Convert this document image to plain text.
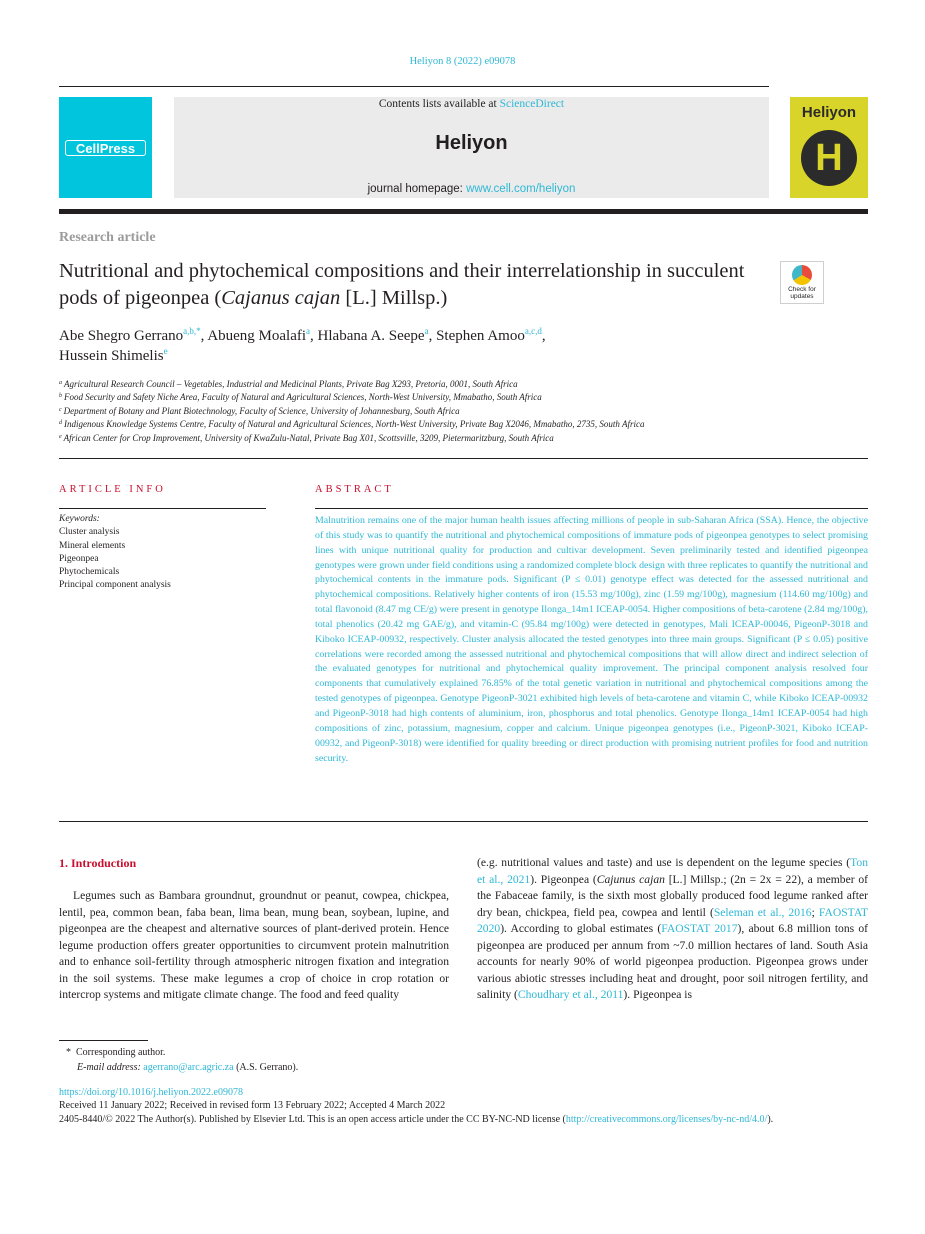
Heliyon 8 (2022) e09078
CellPress
Contents lists available at ScienceDirect
Heliyon
journal homepage: www.cell.com/heliyon
Heliyon
H
Research article
Nutritional and phytochemical compositions and their interrelationship in succulent pods of pigeonpea (Cajanus cajan [L.] Millsp.)	Check for updates
Abe Shegro Gerrano$^{a,b,*}$, Abueng Moalafi$^a$, Hlabana A. Seepe$^a$, Stephen Amoo$^{a,c,d}$,
Hussein Shimelis$^e$
$^a$ Agricultural Research Council – Vegetables, Industrial and Medicinal Plants, Private Bag X293, Pretoria, 0001, South Africa
$^b$ Food Security and Safety Niche Area, Faculty of Natural and Agricultural Sciences, North-West University, Mmabatho, South Africa
$^c$ Department of Botany and Plant Biotechnology, Faculty of Science, University of Johannesburg, South Africa
$^d$ Indigenous Knowledge Systems Centre, Faculty of Natural and Agricultural Sciences, North-West University, Private Bag X2046, Mmabatho, 2735, South Africa
$^e$ African Center for Crop Improvement, University of KwaZulu-Natal, Private Bag X01, Scottsville, 3209, Pietermaritzburg, South Africa
ARTICLE INFO	ABSTRACT
Keywords:
Cluster analysis
Mineral elements
Pigeonpea
Phytochemicals
Principal component analysis
Malnutrition remains one of the major human health issues affecting millions of people in sub-Saharan Africa (SSA). Hence, the objective of this study was to quantify the nutritional and phytochemical compositions of immature pods of pigeonpea genotypes to select promising lines with unique nutritional quality for production and cultivar development. Seven preliminarily tested and identified pigeonpea genotypes were grown under field conditions using a randomized complete block design with three replicates to quantify the nutritional and phytochemical contents in the immature pods. Significant (P ≤ 0.01) genotype effect was detected for the assessed nutritional and phytochemical compositions. Relatively higher contents of iron (15.53 mg/100g), zinc (1.59 mg/100g), magnesium (114.60 mg/100g) and total flavonoid (8.47 mg CE/g) were present in genotype Ilonga_14m1 ICEAP-0054. Higher compositions of beta-carotene (2.84 mg/100g), total phenolics (20.42 mg GAE/g), and vitamin-C (95.84 mg/100g) were detected in genotypes, Mali ICEAP-00046, PigeonP-3018 and Kiboko ICEAP-00932, respectively. Cluster analysis allocated the tested genotypes into three main groups. Significant (P ≤ 0.05) positive correlations were recorded among the assessed nutritional and phytochemical compositions that will allow direct and indirect selection of the evaluated genotypes for nutritional and phytochemical quality improvement. The principal component analysis resolved four components that cumulatively explained 76.85% of the total genetic variation in nutritional and phytochemical compositions among the tested genotypes of pigeonpea. Genotype PigeonP-3021 exhibited high levels of beta-carotene and vitamin C, while Kiboko ICEAP-00932 and PigeonP-3018 had high contents of aluminium, iron, phosphorus and total phenolics. Genotype Ilonga_14m1 ICEAP-0054 had high compositions of zinc, potassium, magnesium, copper and calcium. Unique pigeonpea genotypes (i.e., PigeonP-3021, Kiboko ICEAP-00932, and PigeonP-3018) were identified for quality breeding or direct production with promising nutrient profiles for food and nutrition security.
1. Introduction
Legumes such as Bambara groundnut, groundnut or peanut, cowpea, chickpea, lentil, pea, common bean, faba bean, lima bean, mung bean, soybean, lupine, and pigeonpea are the cheapest and alternative sources of plant-derived protein. Hence legume production offers greater opportunities to circumvent protein malnutrition and to enhance soil-fertility through atmospheric nitrogen fixation and integration in the soil systems. These make legumes a crop of choice in crop rotation or intercrop systems and mitigate climate change. The food and feed quality
(e.g. nutritional values and taste) and use is dependent on the legume species (Ton et al., 2021). Pigeonpea (Cajunus cajan [L.] Millsp.; (2n = 2x = 22), a member of the Fabaceae family, is the sixth most globally produced food legume ranked after dry bean, chickpea, field pea, cowpea and lentil (Seleman et al., 2016; FAOSTAT 2020). According to global estimates (FAOSTAT 2017), about 6.8 million tons of pigeonpea are produced per annum from ~7.0 million hectares of land. South Asia accounts for nearly 90% of world pigeonpea production. Pigeonpea grows under various abiotic stresses including heat and drought, poor soil nitrogen fertility, and salinity (Choudhary et al., 2011). Pigeonpea is
* Corresponding author.
E-mail address: agerrano@arc.agric.za (A.S. Gerrano).
https://doi.org/10.1016/j.heliyon.2022.e09078
Received 11 January 2022; Received in revised form 13 February 2022; Accepted 4 March 2022
2405-8440/© 2022 The Author(s). Published by Elsevier Ltd. This is an open access article under the CC BY-NC-ND license (http://creativecommons.org/licenses/by-nc-nd/4.0/).
